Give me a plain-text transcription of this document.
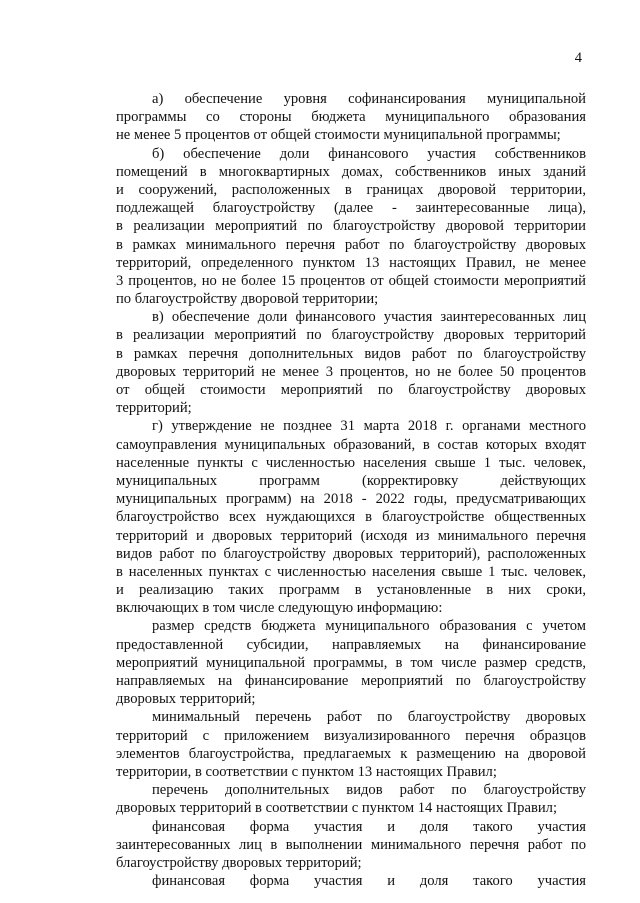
4

а) обеспечение уровня софинансирования муниципальной
программы со стороны бюджета муниципального образования
не менее 5 процентов от общей стоимости муниципальной программы;

б) обеспечение доли финансового участия собственников
помещений в многоквартирных домах, собственников иных зданий
и сооружений, расположенных в границах дворовой территории,
подлежащей благоустройству (далее - заинтересованные лица),
в реализации мероприятий по благоустройству дворовой территории
в рамках минимального перечня работ по благоустройству дворовых
территорий, определенного пунктом 13 настоящих Правил, не менее
3 процентов, но не более 15 процентов от общей стоимости мероприятий
по благоустройству дворовой территории;

в) обеспечение доли финансового участия заинтересованных лиц
в реализации мероприятий по благоустройству дворовых территорий
в рамках перечня дополнительных видов работ по благоустройству
дворовых территорий не менее 3 процентов, но не более 50 процентов
от общей стоимости мероприятий по благоустройству дворовых
территорий;

г) утверждение не позднее 31 марта 2018 г. органами местного
самоуправления муниципальных образований, в состав которых входят
населенные пункты с численностью населения свыше 1 тыс. человек,
муниципальных программ (корректировку действующих
муниципальных программ) на 2018 - 2022 годы, предусматривающих
благоустройство всех нуждающихся в благоустройстве общественных
территорий и дворовых территорий (исходя из минимального перечня
видов работ по благоустройству дворовых территорий), расположенных
в населенных пунктах с численностью населения свыше 1 тыс. человек,
и реализацию таких программ в установленные в них сроки,
включающих в том числе следующую информацию:

размер средств бюджета муниципального образования с учетом
предоставленной субсидии, направляемых на финансирование
мероприятий муниципальной программы, в том числе размер средств,
направляемых на финансирование мероприятий по благоустройству
дворовых территорий;

минимальный перечень работ по благоустройству дворовых
территорий с приложением визуализированного перечня образцов
элементов благоустройства, предлагаемых к размещению на дворовой
территории, в соответствии с пунктом 13 настоящих Правил;

перечень дополнительных видов работ по благоустройству
дворовых территорий в соответствии с пунктом 14 настоящих Правил;

финансовая форма участия и доля такого участия
заинтересованных лиц в выполнении минимального перечня работ по
благоустройству дворовых территорий;

финансовая форма участия и доля такого участия
